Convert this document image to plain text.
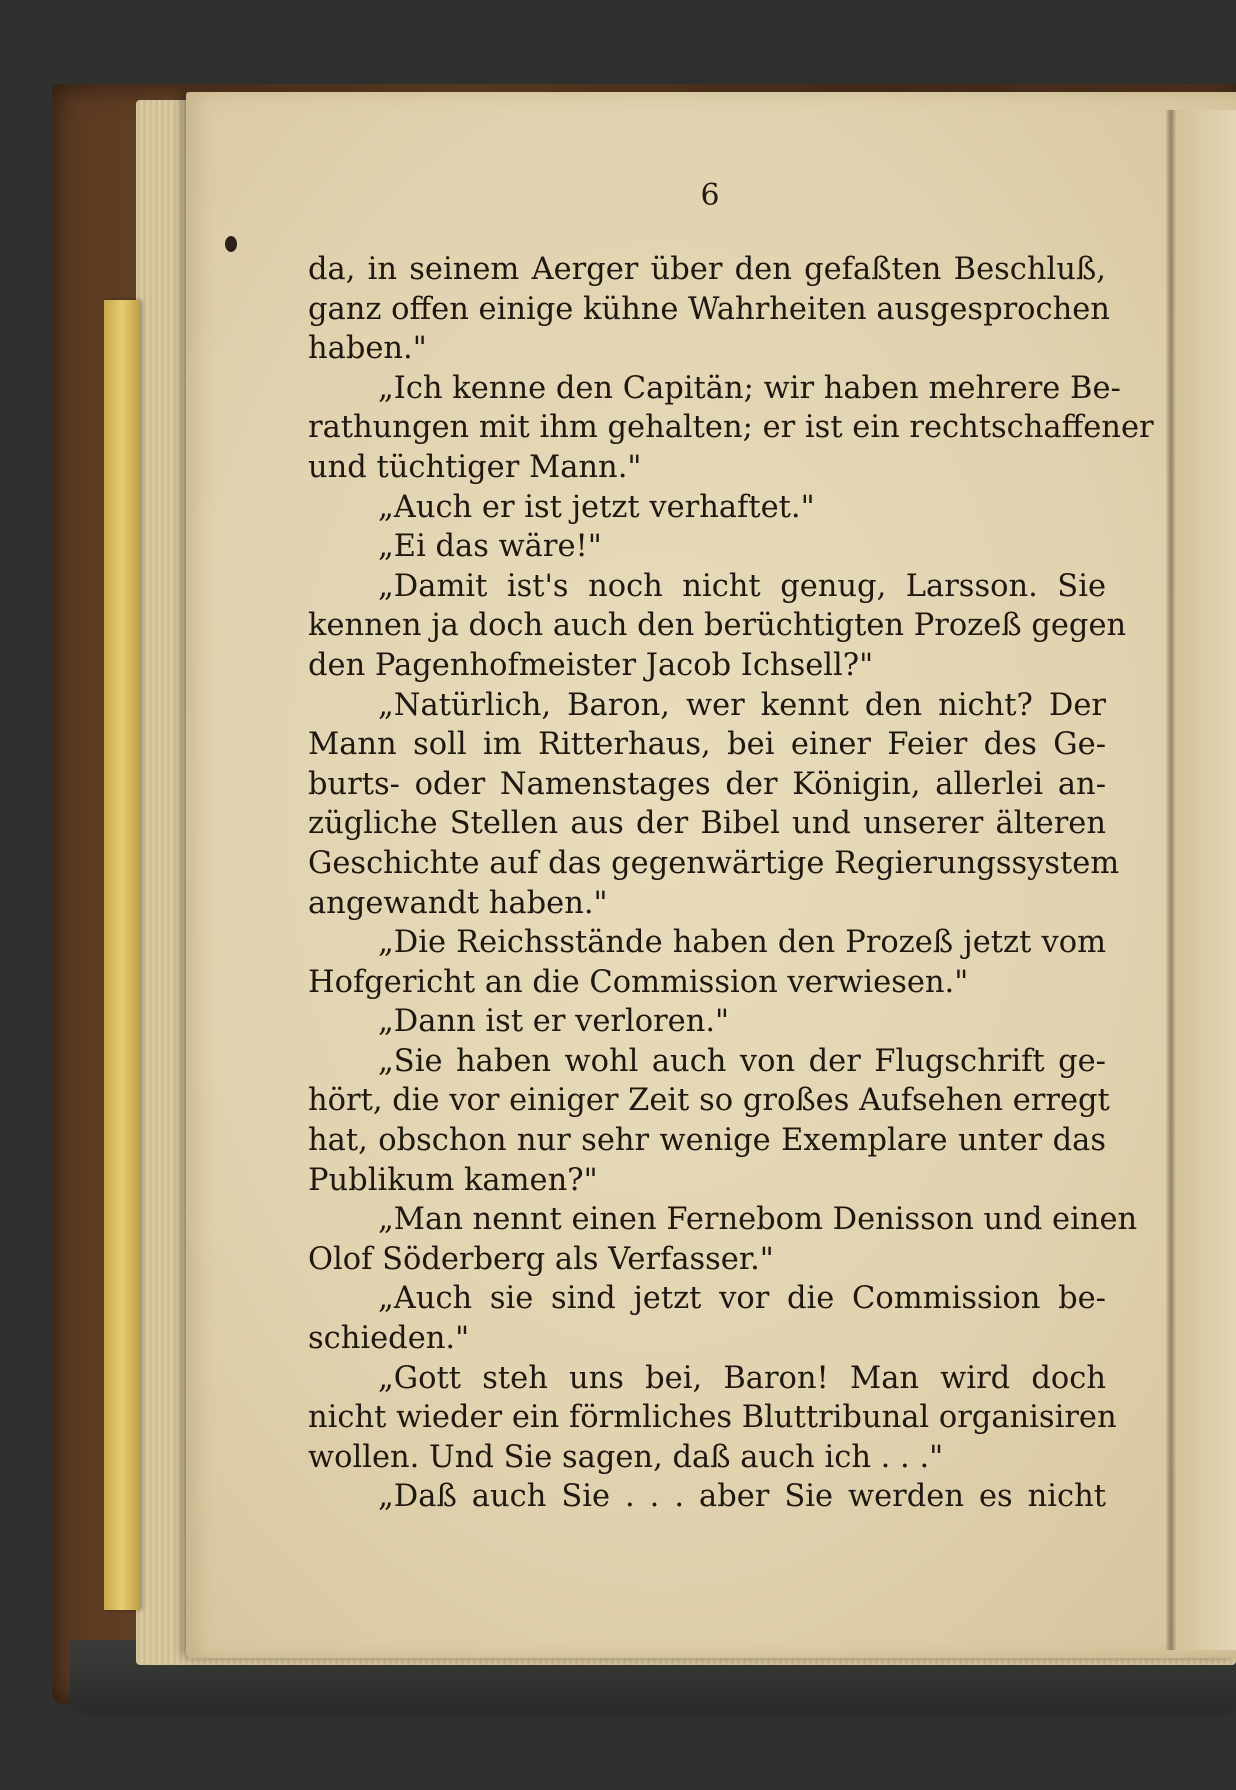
6
da, in seinem Aerger über den gefaßten Beschluß,
ganz offen einige kühne Wahrheiten ausgesprochen
haben."
„Ich kenne den Capitän; wir haben mehrere Be-
rathungen mit ihm gehalten; er ist ein rechtschaffener
und tüchtiger Mann."
„Auch er ist jetzt verhaftet."
„Ei das wäre!"
„Damit ist's noch nicht genug, Larsson. Sie
kennen ja doch auch den berüchtigten Prozeß gegen
den Pagenhofmeister Jacob Ichsell?"
„Natürlich, Baron, wer kennt den nicht? Der
Mann soll im Ritterhaus, bei einer Feier des Ge-
burts- oder Namenstages der Königin, allerlei an-
zügliche Stellen aus der Bibel und unserer älteren
Geschichte auf das gegenwärtige Regierungssystem
angewandt haben."
„Die Reichsstände haben den Prozeß jetzt vom
Hofgericht an die Commission verwiesen."
„Dann ist er verloren."
„Sie haben wohl auch von der Flugschrift ge-
hört, die vor einiger Zeit so großes Aufsehen erregt
hat, obschon nur sehr wenige Exemplare unter das
Publikum kamen?"
„Man nennt einen Fernebom Denisson und einen
Olof Söderberg als Verfasser."
„Auch sie sind jetzt vor die Commission be-
schieden."
„Gott steh uns bei, Baron! Man wird doch
nicht wieder ein förmliches Bluttribunal organisiren
wollen. Und Sie sagen, daß auch ich . . ."
„Daß auch Sie . . . aber Sie werden es nicht
